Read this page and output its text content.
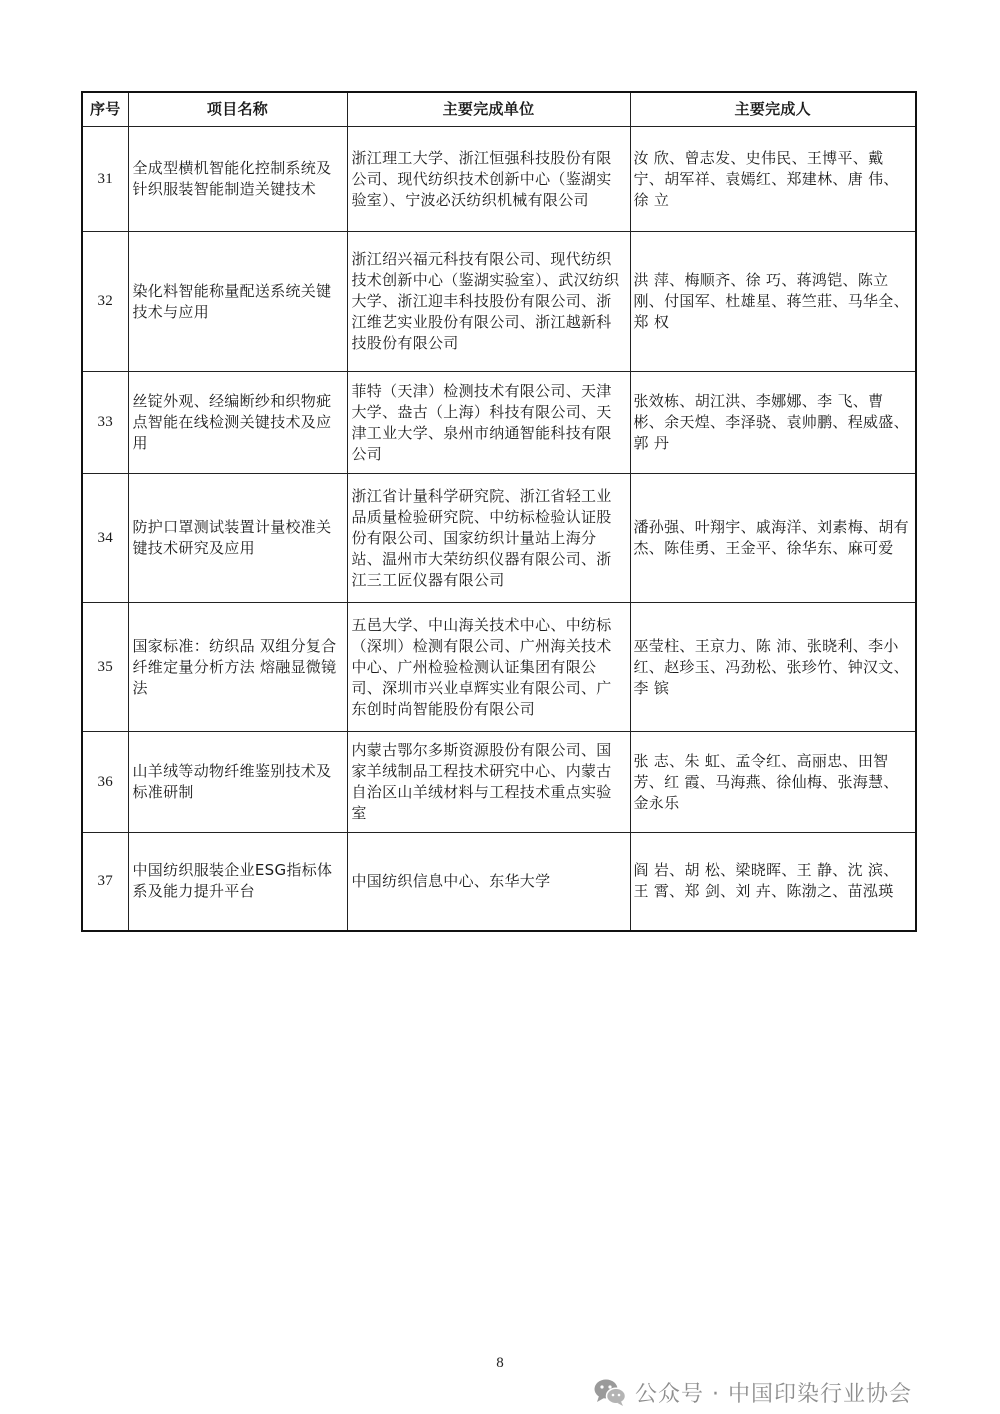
序号	项目名称	主要完成单位	主要完成人
31	全成型横机智能化控制系统及针织服装智能制造关键技术	浙江理工大学、浙江恒强科技股份有限公司、现代纺织技术创新中心（鉴湖实验室）、宁波必沃纺织机械有限公司	汝 欣、曾志发、史伟民、王博平、戴 宁、胡军祥、袁嫣红、郑建林、唐 伟、徐 立
32	染化料智能称量配送系统关键技术与应用	浙江绍兴福元科技有限公司、现代纺织技术创新中心（鉴湖实验室）、武汉纺织大学、浙江迎丰科技股份有限公司、浙江维艺实业股份有限公司、浙江越新科技股份有限公司	洪 萍、梅顺齐、徐 巧、蒋鸿铠、陈立刚、付国军、杜雄星、蒋竺莊、马华全、郑 权
33	丝锭外观、经编断纱和织物疵点智能在线检测关键技术及应用	菲特（天津）检测技术有限公司、天津大学、盎古（上海）科技有限公司、天津工业大学、泉州市纳通智能科技有限公司	张效栋、胡江洪、李娜娜、李 飞、曹 彬、余天煌、李泽骁、袁帅鹏、程威盛、郭 丹
34	防护口罩测试装置计量校准关键技术研究及应用	浙江省计量科学研究院、浙江省轻工业品质量检验研究院、中纺标检验认证股份有限公司、国家纺织计量站上海分站、温州市大荣纺织仪器有限公司、浙江三工匠仪器有限公司	潘孙强、叶翔宇、戚海洋、刘素梅、胡有杰、陈佳勇、王金平、徐华东、麻可爱
35	国家标准：纺织品 双组分复合纤维定量分析方法 熔融显微镜法	五邑大学、中山海关技术中心、中纺标（深圳）检测有限公司、广州海关技术中心、广州检验检测认证集团有限公司、深圳市兴业卓辉实业有限公司、广东创时尚智能股份有限公司	巫莹柱、王京力、陈 沛、张晓利、李小红、赵珍玉、冯劲松、张珍竹、钟汉文、李 镔
36	山羊绒等动物纤维鉴别技术及标准研制	内蒙古鄂尔多斯资源股份有限公司、国家羊绒制品工程技术研究中心、内蒙古自治区山羊绒材料与工程技术重点实验室	张 志、朱 虹、孟令红、高丽忠、田智芳、红 霞、马海燕、徐仙梅、张海慧、金永乐
37	中国纺织服装企业ESG指标体系及能力提升平台	中国纺织信息中心、东华大学	阎 岩、胡 松、梁晓晖、王 静、沈 滨、王 霄、郑 剑、刘 卉、陈渤之、苗泓瑛
8
公众号 · 中国印染行业协会
